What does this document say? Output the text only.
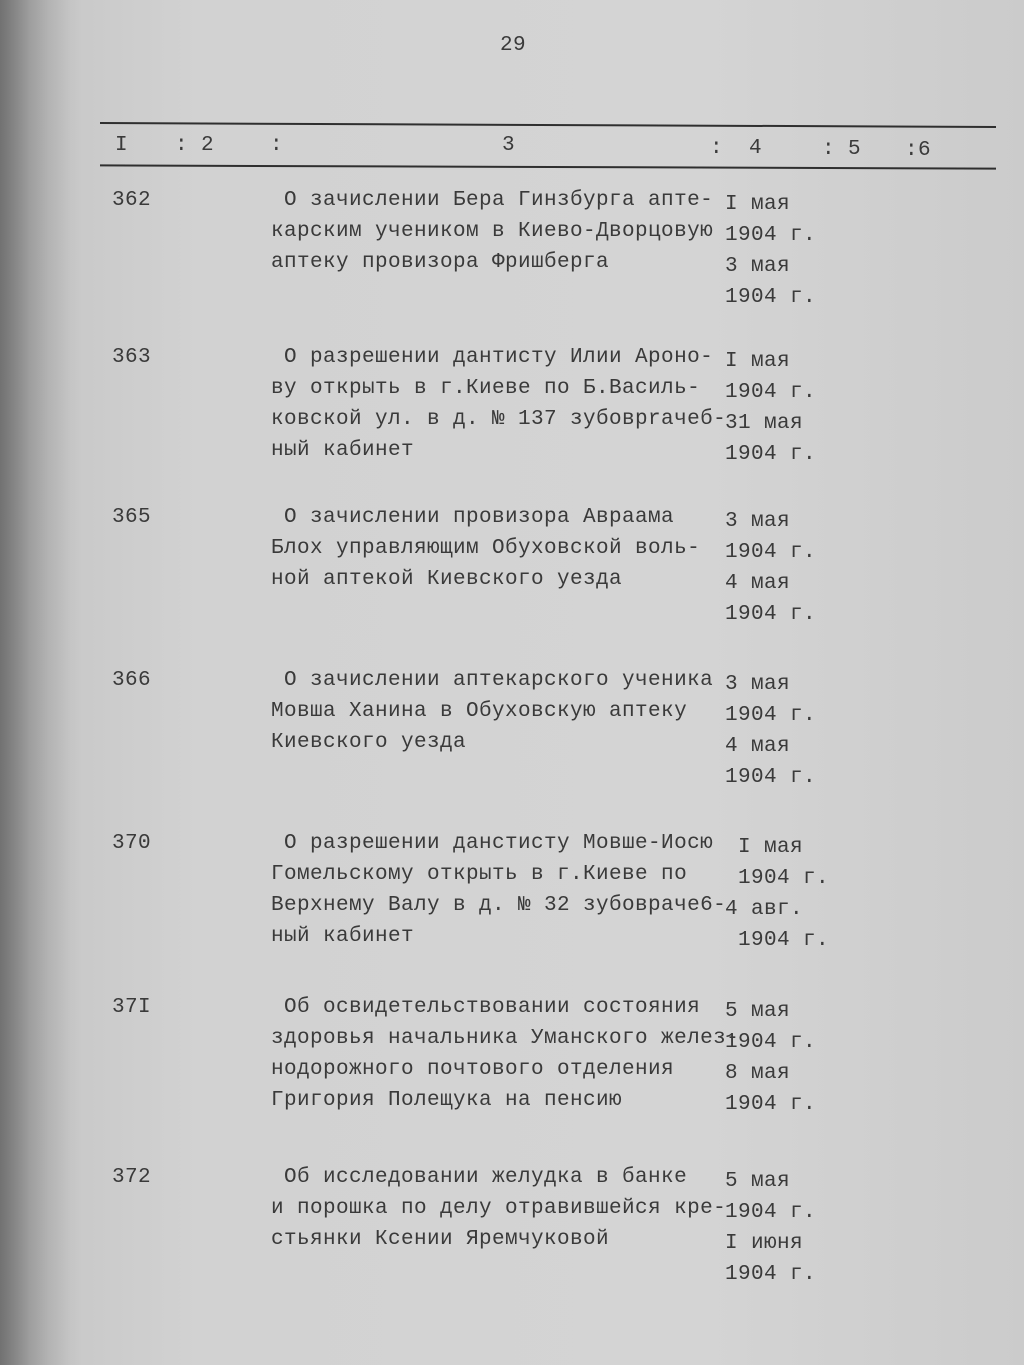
29
I : 2	:	3	:  4	: 5 :6
362	О зачислении Бера Гинзбурга апте-
карским учеником в Киево-Дворцовую
аптеку провизора Фришберга
I мая
1904 г.
3 мая
1904 г.
363	О разрешении дантисту Илии Ароно-
ву открыть в г.Киеве по Б.Василь-
ковской ул. в д. № 137 зубовpraчеб-
ный кабинет
I мая
1904 г.
31 мая
1904 г.
365	О зачислении провизора Авраама
Блох управляющим Обуховской воль-
ной аптекой Киевского уезда
3 мая
1904 г.
4 мая
1904 г.
366	О зачислении аптекарского ученика
Мовша Ханина в Обуховскую аптеку
Киевского уезда
3 мая
1904 г.
4 мая
1904 г.
370	О разрешении данстисту Мовше-Иосю
Гомельскому открыть в г.Киеве по
Верхнему Валу в д. № 32 зубовраче6-
ный кабинет
I мая
1904 г.
4 авг.
1904 г.
37I	Об освидетельствовании состояния
здоровья начальника Уманского желез-
нодорожного почтового отделения
Григория Полещука на пенсию
5 мая
1904 г.
8 мая
1904 г.
372	Об исследовании желудка в банке
и порошка по делу отравившейся кре-
стьянки Ксении Яремчуковой
5 мая
1904 г.
I июня
1904 г.
